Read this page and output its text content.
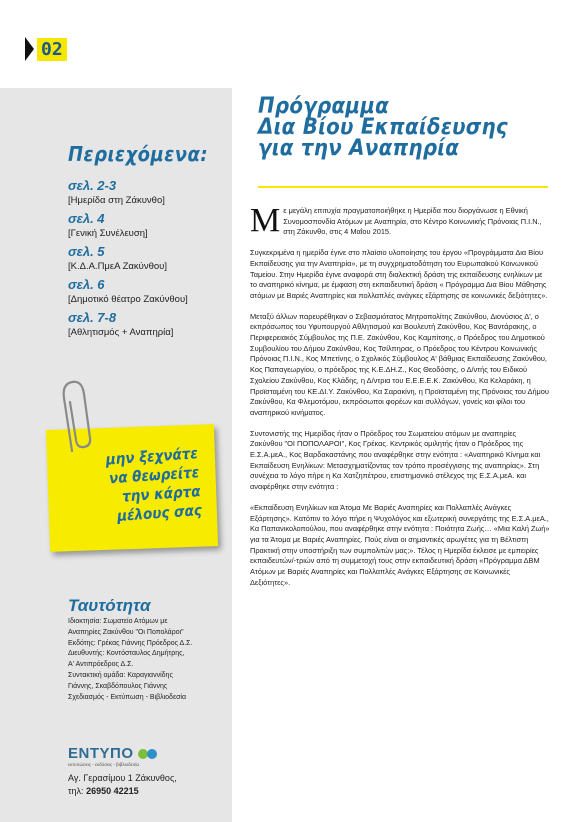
02
Περιεχόμενα:
σελ. 2-3
[Ημερίδα στη Ζάκυνθο]
σελ. 4
[Γενική Συνέλευση]
σελ. 5
[Κ.Δ.Α.ΠμεΑ Ζακύνθου]
σελ. 6
[Δημοτικό θέατρο Ζακύνθου]
σελ. 7-8
[Αθλητισμός + Αναπηρία]
μην ξεχνάτε
να θεωρείτε
την κάρτα
μέλους σας
Ταυτότητα
Ιδιοκτησία: Σωματείο Ατόμων με
Αναπηρίες Ζακύνθου "Οι Ποπολάροι"
Εκδότης: Γρέκας Γιάννης Πρόεδρος Δ.Σ.
Διευθυντής: Κοντόσταυλος Δημήτρης,
Α' Αντιπρόεδρος Δ.Σ.
Συντακτική ομάδα: Καραγιαννίδης
Γιάννης, Σκαβδόπουλος Γιάννης
Σχεδιασμός - Εκτύπωση - Βιβλιοδεσία
ΕΝΤΥΠΟ
εκτυπώσεις - εκδόσεις - βιβλιοδεσία
Αγ. Γερασίμου 1 Ζάκυνθος,
τηλ: 26950 42215
Πρόγραμμα
Δια Βίου Εκπαίδευσης
για την Αναπηρία

Με μεγάλη επιτυχία πραγματοποιήθηκε η Ημερίδα που διοργάνωσε η Εθνική Συνομοσπονδία Ατόμων με Αναπηρία, στο Κέντρο Κοινωνικής Πρόνοιας Π.Ι.Ν., στη Ζάκυνθο, στις 4 Μαΐου 2015.

Συγκεκριμένα η ημερίδα έγινε στο πλαίσιο υλοποίησης του έργου «Προγράμματα Δια Βίου Εκπαίδευσης για την Αναπηρία», με τη συγχρηματοδότηση του Ευρωπαϊκού Κοινωνικού Ταμείου. Στην Ημερίδα έγινε αναφορά στη διαλεκτική δράση της εκπαίδευσης ενηλίκων με το αναπηρικό κίνημα, με έμφαση στη εκπαιδευτική δράση « Πρόγραμμα Δια Βίου Μάθησης ατόμων με Βαριές Αναπηρίες και πολλαπλές ανάγκες εξάρτησης σε κοινωνικές δεξιότητες».

Μεταξύ άλλων παρευρέθηκαν ο Σεβασμιότατος Μητροπολίτης Ζακύνθου, Διονύσιος Δ', ο εκπρόσωπος του Υφυπουργού Αθλητισμού και Βουλευτή Ζακύνθου, Κος Βαντάρακης, ο Περιφερειακός Σύμβουλος της Π.Ε. Ζακύνθου, Κος Καμπίτσης, ο Πρόεδρος του Δημοτικού Συμβουλίου του Δήμου Ζακύνθου, Κος Τσίλπηρας, ο Πρόεδρος του Κέντρου Κοινωνικής Πρόνοιας Π.Ι.Ν., Κος Μπετίνης, ο Σχολικός Σύμβουλος Α' βάθμιας Εκπαίδευσης Ζακύνθου, Κος Παπαγεωργίου, ο πρόεδρος της Κ.Ε.ΔΗ.Ζ., Κος Θεοδόσης, ο Δ/ντής του Ειδικού Σχολείου Ζακύνθου, Κος Κλάδης, η Δ/ντρια του Ε.Ε.Ε.Ε.Κ. Ζακύνθου, Κα Κελαράκη, η Προϊσταμένη του ΚΕ.ΔΙ.Υ. Ζακύνθου, Κα Σαρακίνη, η Προϊσταμένη της Πρόνοιας του Δήμου Ζακύνθου, Κα Φλεμοτόμου, εκπρόσωποι φορέων και συλλόγων, γονείς και φίλοι του αναπηρικού κινήματος.

Συντονιστής της Ημερίδας ήταν ο Πρόεδρος του Σωματείου ατόμων με αναπηρίες Ζακύνθου "ΟΙ ΠΟΠΟΛΑΡΟΙ", Κος Γρέκας. Κεντρικός ομιλητής ήταν ο Πρόεδρος της Ε.Σ.Α.μεΑ., Κος Βαρδακαστάνης που αναφέρθηκε στην ενότητα : «Αναπηρικό Κίνημα και Εκπαίδευση Ενηλίκων: Μετασχηματίζοντας τον τρόπο προσέγγισης της αναπηρίας». Στη συνέχεια το λόγο πήρε η Κα Χατζηπέτρου, επιστημονικό στέλεχος της Ε.Σ.Α.μεΑ. και αναφέρθηκε στην ενότητα :

«Εκπαίδευση Ενηλίκων και Άτομα Με Βαριές Αναπηρίες και Πολλαπλές Ανάγκες Εξάρτησης». Κατόπιν το λόγο πήρε η Ψυχολόγος και εξωτερική συνεργάτης της Ε.Σ.Α.μεΑ., Κα Παπανικολοπούλου, που αναφέρθηκε στην ενότητα : Ποιότητα Ζωής… «Μια Καλή Ζωή» για τα Άτομα με Βαριές Αναπηρίες. Πούς είναι οι σημαντικές αρωγέτες για τη Βέλτιστη Πρακτική στην υποστήριξη των συμπολιτών μας;». Τέλος η Ημερίδα έκλεισε με εμπειρίες εκπαιδευτών/-τριών από τη συμμετοχή τους στην εκπαιδευτική δράση «Πρόγραμμα ΔΒΜ Ατόμων με Βαριές Αναπηρίες και Πολλαπλές Ανάγκες Εξάρτησης σε Κοινωνικές Δεξιότητες».
